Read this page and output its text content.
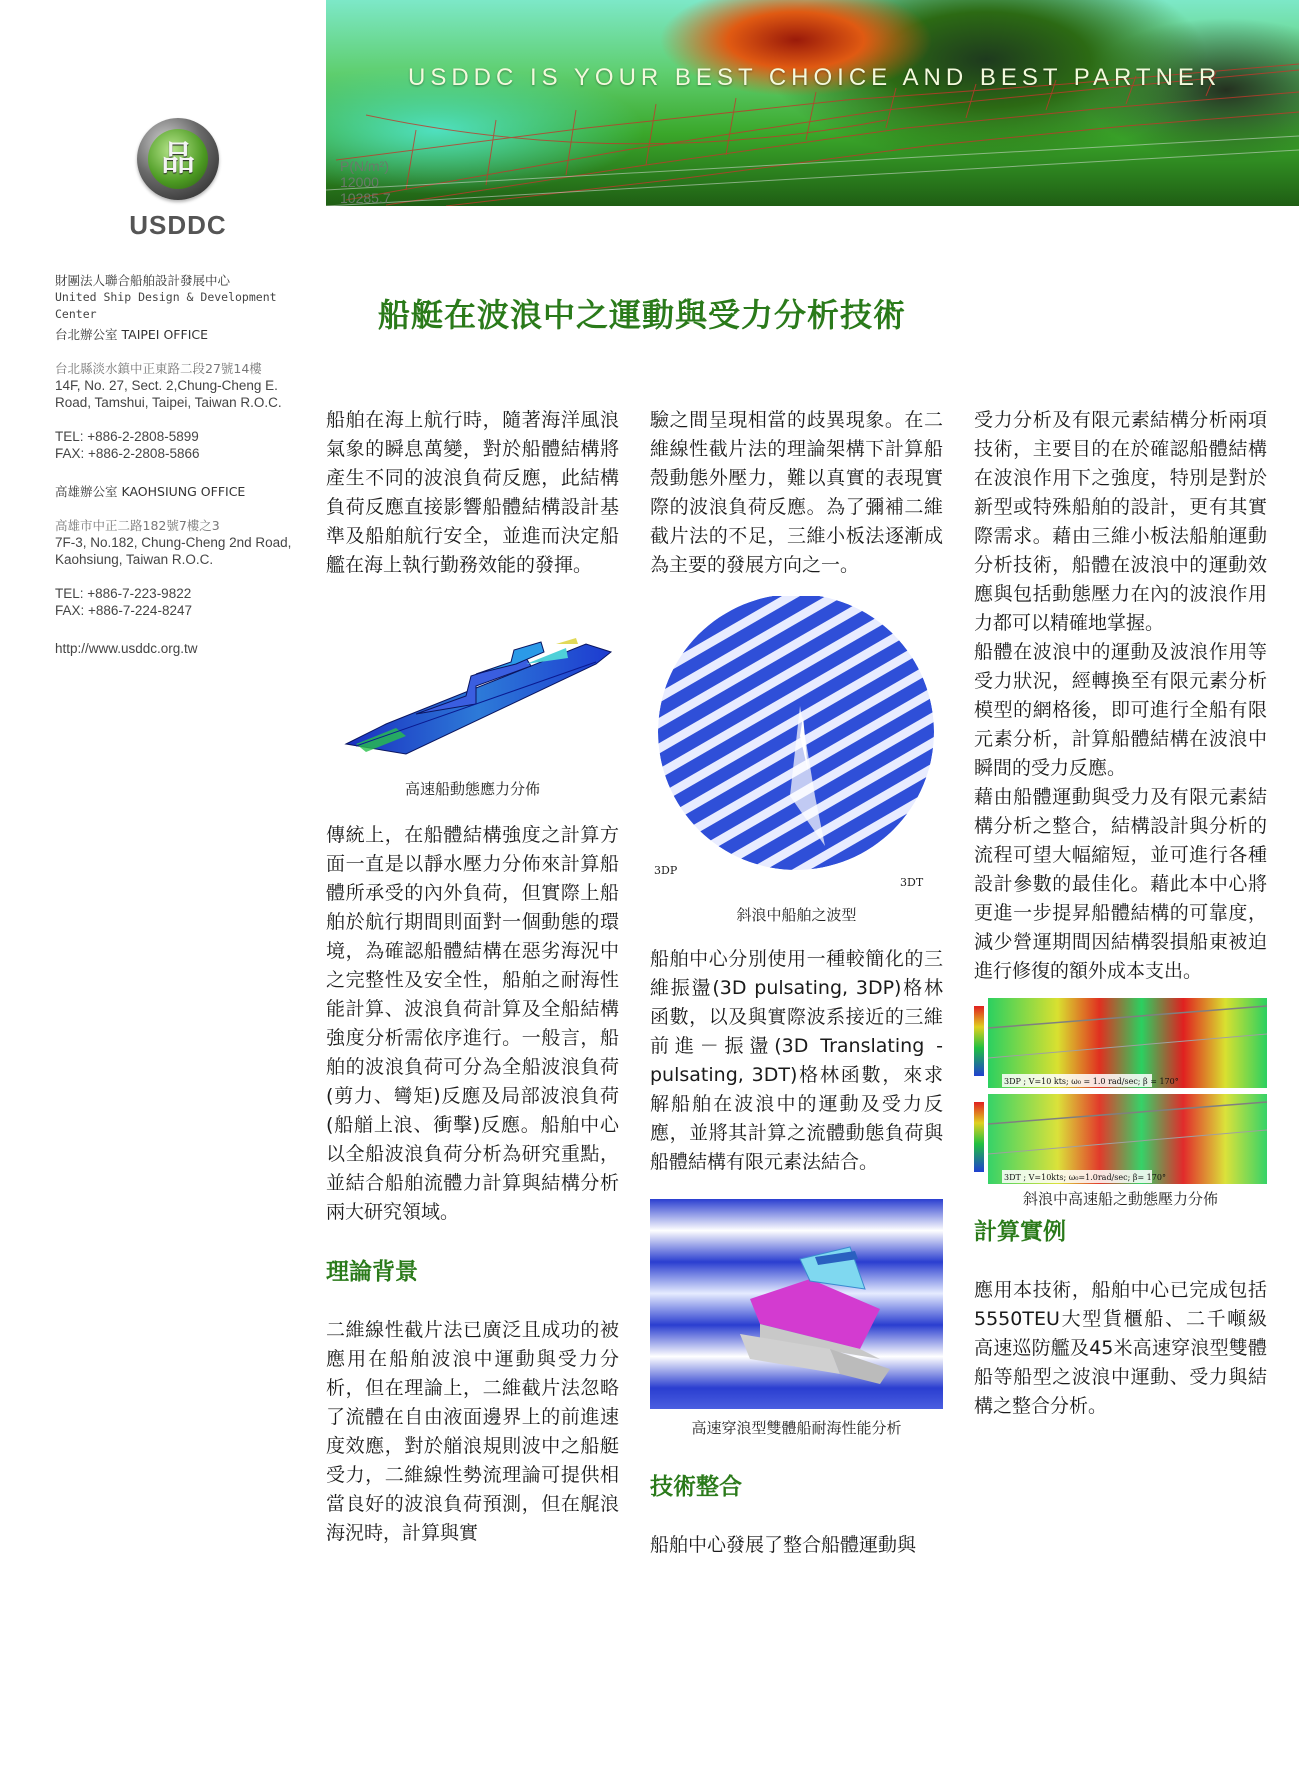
品
USDDC
財團法人聯合船舶設計發展中心
United Ship Design & Development Center
台北辦公室 TAIPEI OFFICE
台北縣淡水鎮中正東路二段27號14樓
14F, No. 27, Sect. 2,Chung-Cheng E.
Road, Tamshui, Taipei, Taiwan R.O.C.
TEL: +886-2-2808-5899
FAX: +886-2-2808-5866
高雄辦公室 KAOHSIUNG OFFICE
高雄市中正二路182號7樓之3
7F-3, No.182, Chung-Cheng 2nd Road,
Kaohsiung, Taiwan R.O.C.
TEL: +886-7-223-9822
FAX: +886-7-224-8247
http://www.usddc.org.tw
USDDC IS YOUR BEST CHOICE AND BEST PARTNER
P(N/m²)
12000
10285.7
船艇在波浪中之運動與受力分析技術

船舶在海上航行時，隨著海洋風浪氣象的瞬息萬變，對於船體結構將產生不同的波浪負荷反應，此結構負荷反應直接影響船體結構設計基準及船舶航行安全，並進而決定船艦在海上執行勤務效能的發揮。

高速船動態應力分佈

傳統上，在船體結構強度之計算方面一直是以靜水壓力分佈來計算船體所承受的內外負荷，但實際上船舶於航行期間則面對一個動態的環境，為確認船體結構在惡劣海況中之完整性及安全性，船舶之耐海性能計算、波浪負荷計算及全船結構強度分析需依序進行。一般言，船舶的波浪負荷可分為全船波浪負荷(剪力、彎矩)反應及局部波浪負荷(船艏上浪、衝擊)反應。船舶中心以全船波浪負荷分析為研究重點，並結合船舶流體力計算與結構分析兩大研究領域。

理論背景

二維線性截片法已廣泛且成功的被應用在船舶波浪中運動與受力分析，但在理論上，二維截片法忽略了流體在自由液面邊界上的前進速度效應，對於艏浪規則波中之船艇受力，二維線性勢流理論可提供相當良好的波浪負荷預測，但在艉浪海況時，計算與實

驗之間呈現相當的歧異現象。在二維線性截片法的理論架構下計算船殼動態外壓力，難以真實的表現實際的波浪負荷反應。為了彌補二維截片法的不足，三維小板法逐漸成為主要的發展方向之一。

3DP
3DT
斜浪中船舶之波型

船舶中心分別使用一種較簡化的三維振盪(3D pulsating, 3DP)格林函數，以及與實際波系接近的三維前進－振盪(3D Translating - pulsating, 3DT)格林函數，來求解船舶在波浪中的運動及受力反應，並將其計算之流體動態負荷與船體結構有限元素法結合。

高速穿浪型雙體船耐海性能分析
技術整合

船舶中心發展了整合船體運動與

受力分析及有限元素結構分析兩項技術，主要目的在於確認船體結構在波浪作用下之強度，特別是對於新型或特殊船舶的設計，更有其實際需求。藉由三維小板法船舶運動分析技術，船體在波浪中的運動效應與包括動態壓力在內的波浪作用力都可以精確地掌握。

船體在波浪中的運動及波浪作用等受力狀況，經轉換至有限元素分析模型的網格後，即可進行全船有限元素分析，計算船體結構在波浪中瞬間的受力反應。

藉由船體運動與受力及有限元素結構分析之整合，結構設計與分析的流程可望大幅縮短，並可進行各種設計參數的最佳化。藉此本中心將更進一步提昇船體結構的可靠度，減少營運期間因結構裂損船東被迫進行修復的額外成本支出。

3DP ; V=10 kts; ω₀ = 1.0 rad/sec; β = 170°
3DT ; V=10kts; ω₀=1.0rad/sec; β= 170°
斜浪中高速船之動態壓力分佈
計算實例

應用本技術，船舶中心已完成包括5550TEU大型貨櫃船、二千噸級高速巡防艦及45米高速穿浪型雙體船等船型之波浪中運動、受力與結構之整合分析。
